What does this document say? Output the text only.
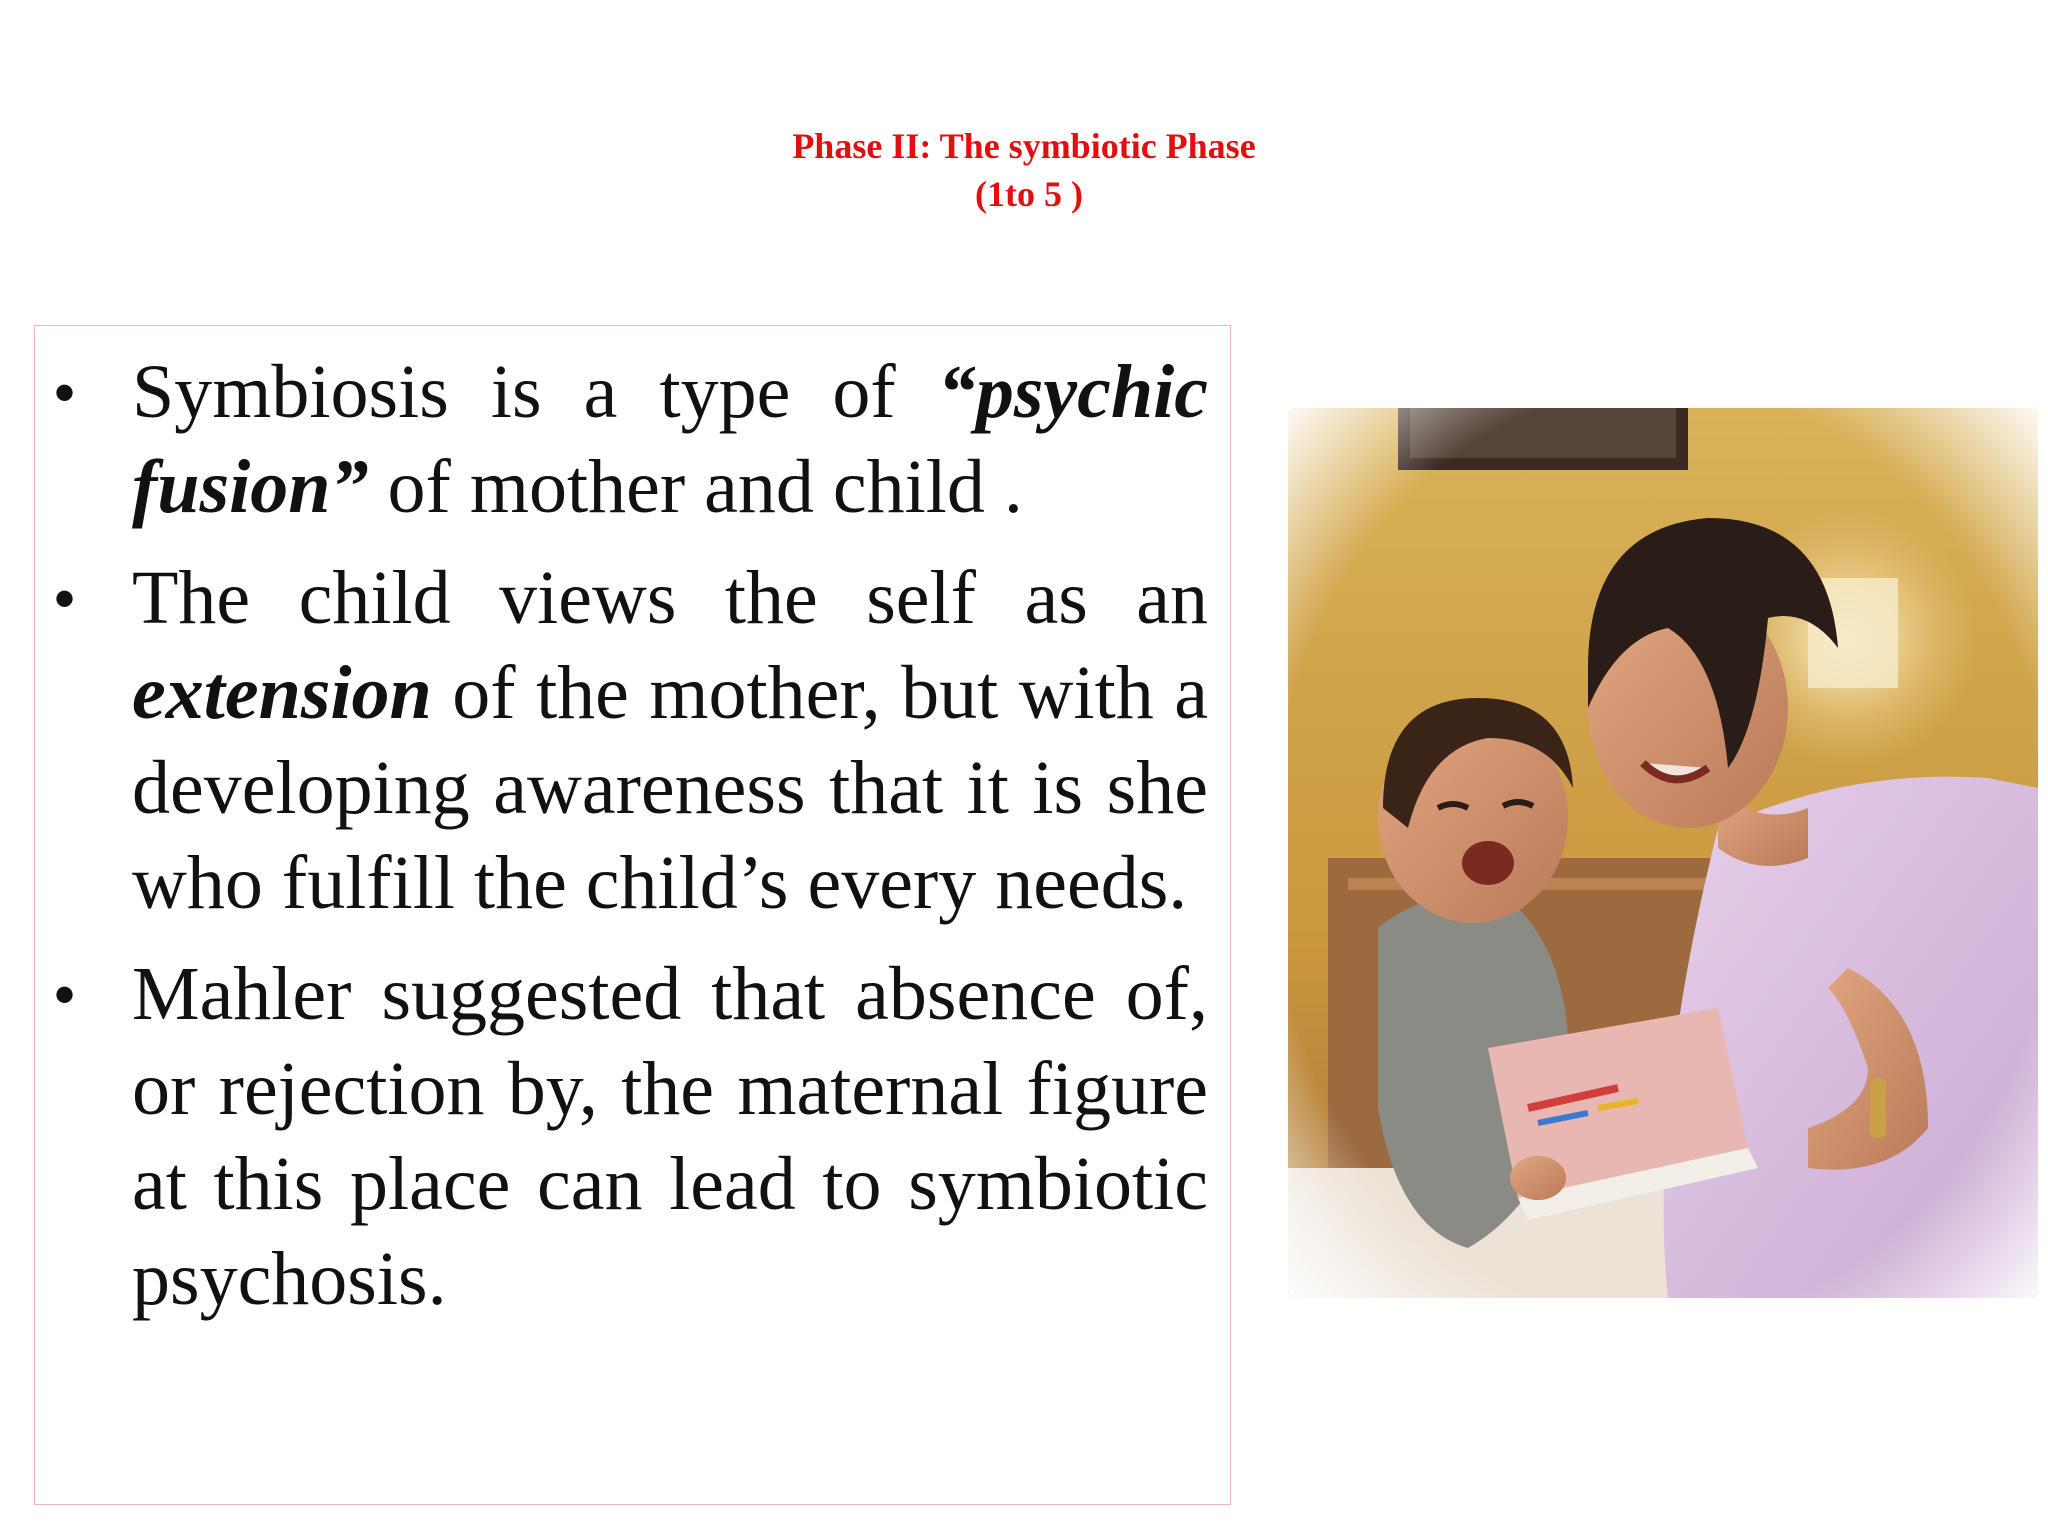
Phase II: The symbiotic Phase
(1to 5 )
• Symbiosis is a type of “psychic fusion” of mother and child .
• The child views the self as an extension of the mother, but with a developing awareness that it is she who fulfill the child’s every needs.
• Mahler suggested that absence of, or rejection by, the maternal figure at this place can lead to symbiotic psychosis.
